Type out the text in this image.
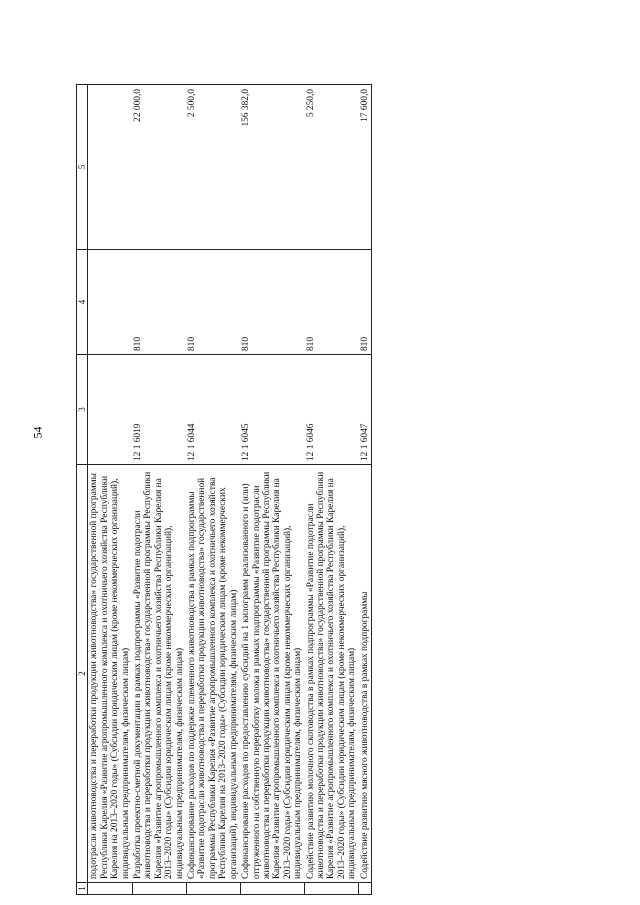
54
1	2	3	4	5
	подотрасли животноводства и переработки продукции животноводства» государственной программы Республики Карелия «Развитие агропромышленного комплекса и охотничьего хозяйства Республики Карелия на 2013–2020 годы» (Субсидии юридическим лицам (кроме некоммерческих организаций), индивидуальным предпринимателям, физическим лицам)			
	Разработка проектно-сметной документации в рамках подпрограммы «Развитие подотрасли животноводства и переработки продукции животноводства» государственной программы Республики Карелия «Развитие агропромышленного комплекса и охотничьего хозяйства Республики Карелия на 2013–2020 годы» (Субсидии юридическим лицам (кроме некоммерческих организаций), индивидуальным предпринимателям, физическим лицам)	12 1 6019	810	22 000,0
	Софинансирование расходов по поддержке племенного животноводства в рамках подпрограммы «Развитие подотрасли животноводства и переработки продукции животноводства» государственной программы Республики Карелия «Развитие агропромышленного комплекса и охотничьего хозяйства Республики Карелия на 2013–2020 годы» (Субсидии юридическим лицам (кроме некоммерческих организаций), индивидуальным предпринимателям, физическим лицам)	12 1 6044	810	2 500,0
	Софинансирование расходов по предоставлению субсидий на 1 килограмм реализованного и (или) отгруженного на собственную переработку молока в рамках подпрограммы «Развитие подотрасли животноводства и переработки продукции животноводства» государственной программы Республики Карелия «Развитие агропромышленного комплекса и охотничьего хозяйства Республики Карелия на 2013–2020 годы» (Субсидии юридическим лицам (кроме некоммерческих организаций), индивидуальным предпринимателям, физическим лицам)	12 1 6045	810	156 382,0
	Содействие развитию молочного скотоводства в рамках подпрограммы «Развитие подотрасли животноводства и переработки продукции животноводства» государственной программы Республики Карелия «Развитие агропромышленного комплекса и охотничьего хозяйства Республики Карелия на 2013–2020 годы» (Субсидии юридическим лицам (кроме некоммерческих организаций), индивидуальным предпринимателям, физическим лицам)	12 1 6046	810	5 250,0
	Содействие развитию мясного животноводства в рамках подпрограммы	12 1 6047	810	17 600,0
